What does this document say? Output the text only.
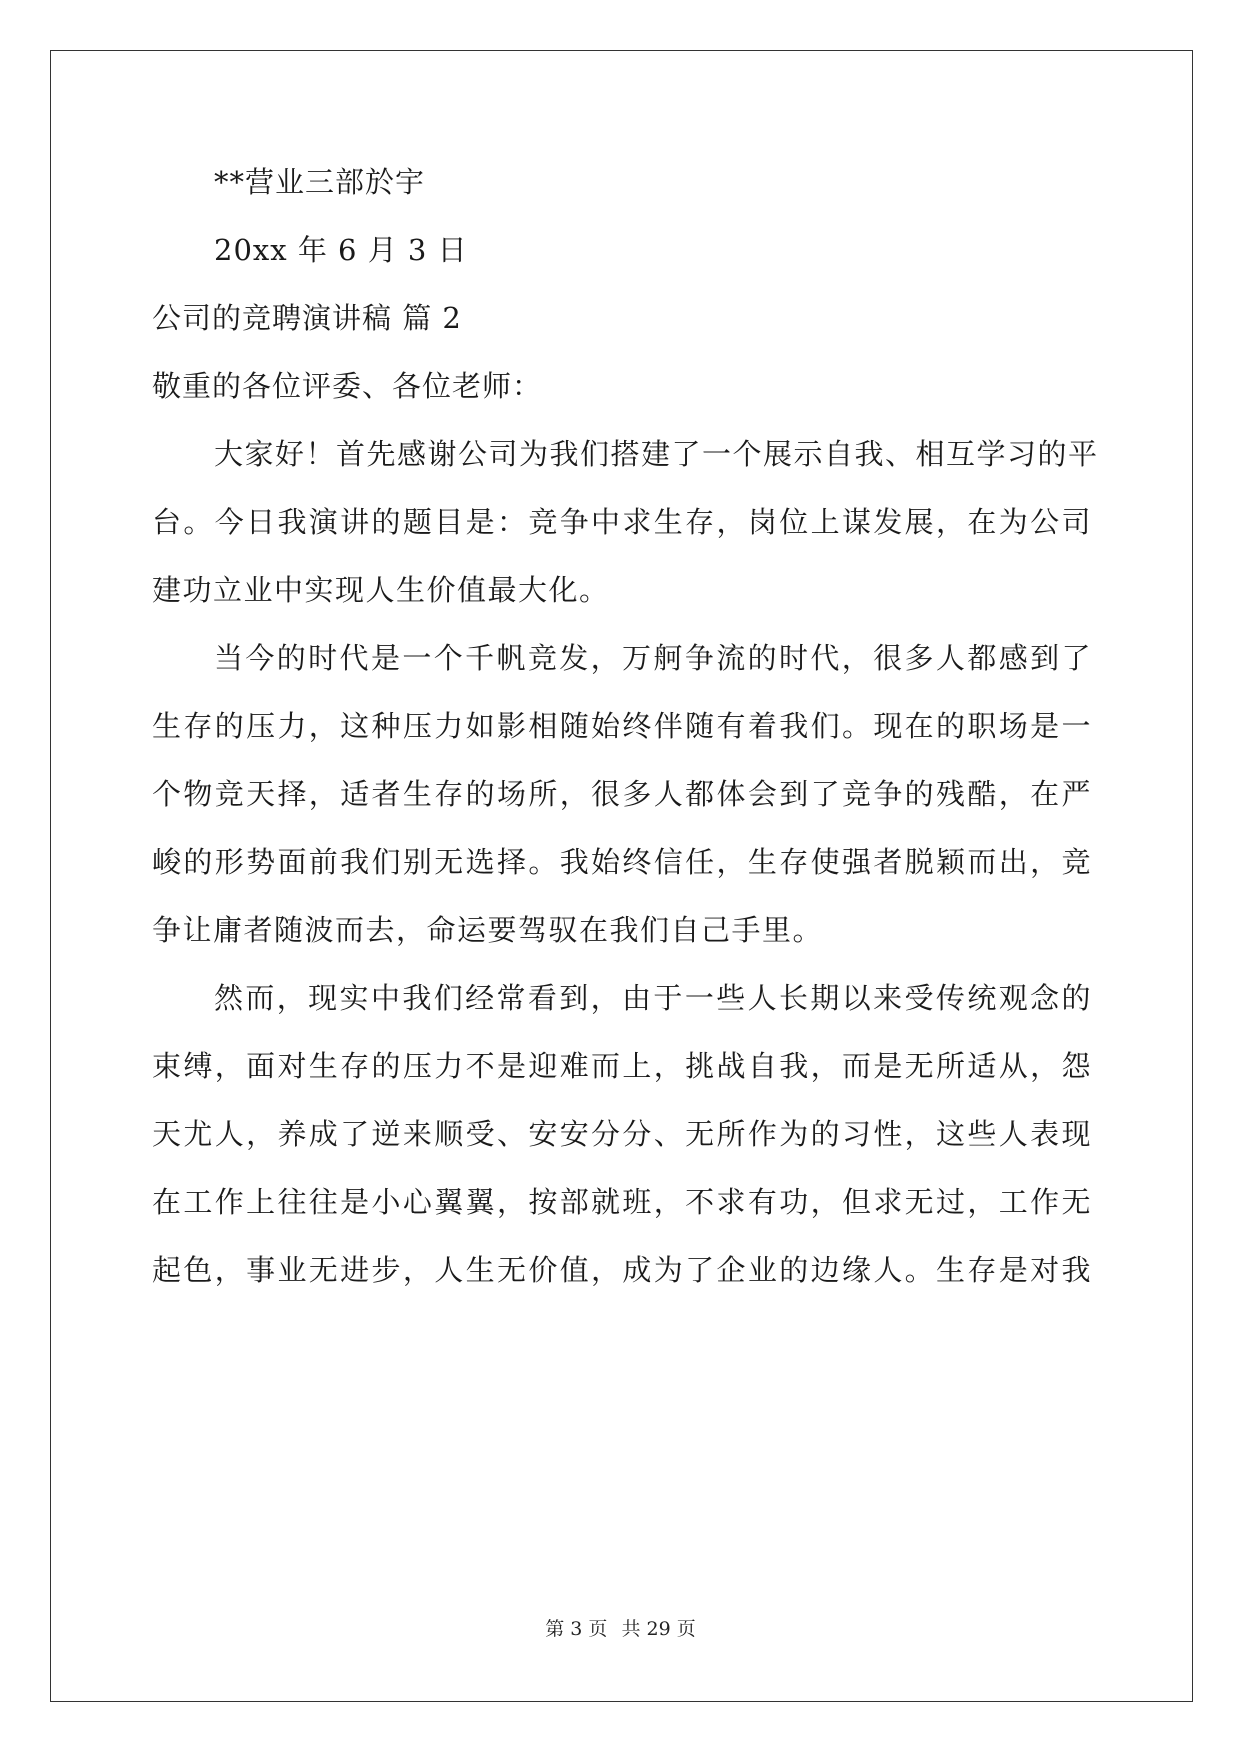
**营业三部於宇
20xx 年 6 月 3 日
公司的竞聘演讲稿 篇 2
敬重的各位评委、各位老师：
大家好！首先感谢公司为我们搭建了一个展示自我、相互学习的平
台。今日我演讲的题目是：竞争中求生存，岗位上谋发展，在为公司
建功立业中实现人生价值最大化。
当今的时代是一个千帆竞发，万舸争流的时代，很多人都感到了
生存的压力，这种压力如影相随始终伴随有着我们。现在的职场是一
个物竞天择，适者生存的场所，很多人都体会到了竞争的残酷，在严
峻的形势面前我们别无选择。我始终信任，生存使强者脱颖而出，竞
争让庸者随波而去，命运要驾驭在我们自己手里。
然而，现实中我们经常看到，由于一些人长期以来受传统观念的
束缚，面对生存的压力不是迎难而上，挑战自我，而是无所适从，怨
天尤人，养成了逆来顺受、安安分分、无所作为的习性，这些人表现
在工作上往往是小心翼翼，按部就班，不求有功，但求无过，工作无
起色，事业无进步，人生无价值，成为了企业的边缘人。生存是对我
第 3 页 共 29 页
